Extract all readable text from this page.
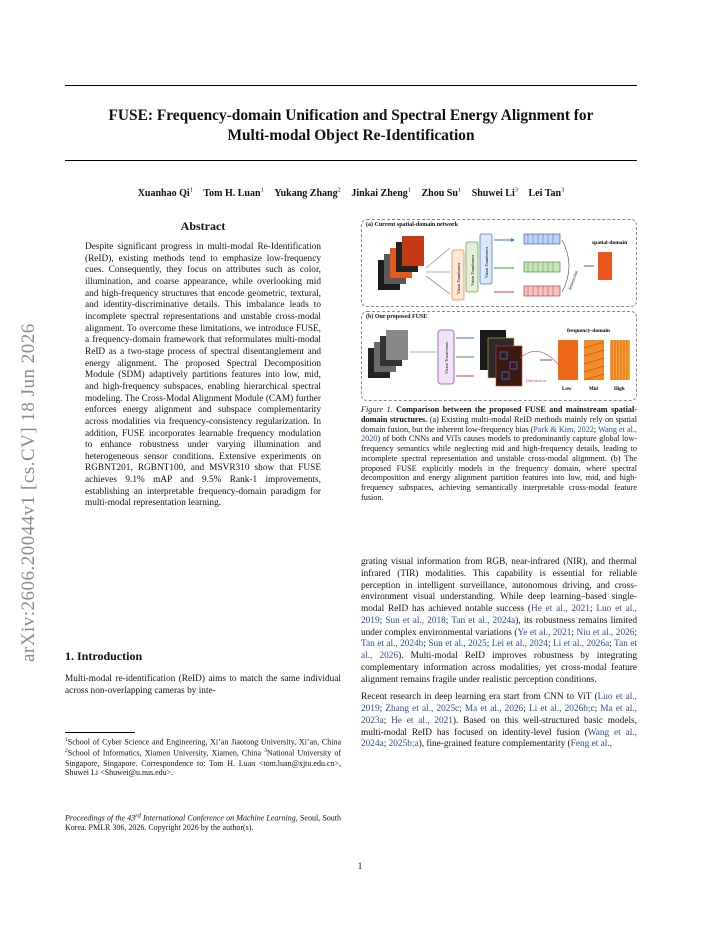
arXiv:2606.20044v1 [cs.CV] 18 Jun 2026
FUSE: Frequency-domain Unification and Spectral Energy Alignment for
Multi-modal Object Re-Identification
Xuanhao Qi$^1$ Tom H. Luan$^1$ Yukang Zhang$^2$ Jinkai Zheng$^1$ Zhou Su$^1$ Shuwei Li$^3$ Lei Tan$^3$
Abstract
Despite significant progress in multi-modal Re-Identification (ReID), existing methods tend to emphasize low-frequency cues. Consequently, they focus on attributes such as color, illumination, and coarse appearance, while overlooking mid and high-frequency structures that encode geometric, textural, and identity-discriminative details. This imbalance leads to incomplete spectral representations and unstable cross-modal alignment. To overcome these limitations, we introduce FUSE, a frequency-domain framework that reformulates multi-modal ReID as a two-stage process of spectral disentanglement and energy alignment. The proposed Spectral Decomposition Module (SDM) adaptively partitions features into low, mid, and high-frequency subspaces, enabling hierarchical spectral modeling. The Cross-Modal Alignment Module (CAM) further enforces energy alignment and subspace complementarity across modalities via frequency-consistency regularization. In addition, FUSE incorporates learnable frequency modulation to enhance robustness under varying illumination and heterogeneous sensor conditions. Extensive experiments on RGBNT201, RGBNT100, and MSVR310 show that FUSE achieves 9.1% mAP and 9.5% Rank-1 improvements, establishing an interpretable frequency-domain paradigm for multi-modal representation learning.
1. Introduction
Multi-modal re-identification (ReID) aims to match the same individual across non-overlapping cameras by inte-
$^1$School of Cyber Science and Engineering, Xi’an Jiaotong University, Xi’an, China $^2$School of Informatics, Xiamen University, Xiamen, China $^3$National University of Singapore, Singapore. Correspondence to: Tom H. Luan <tom.luan@xjtu.edu.cn>, Shuwei Li <Shuwei@u.nus.edu>.
Proceedings of the 43rd International Conference on Machine Learning, Seoul, South Korea. PMLR 306, 2026. Copyright 2026 by the author(s).
(a) Current spatial-domain network
Vision Transformer Vision Transformer Vision Transformer
Interaction
spatial-domain
(b) Our proposed FUSE
Vision Transformer
Interaction
frequency-domain
Low	Mid	High
Figure 1. Comparison between the proposed FUSE and mainstream spatial-domain structures. (a) Existing multi-modal ReID methods mainly rely on spatial domain fusion, but the inherent low-frequency bias (Park & Kim, 2022; Wang et al., 2020) of both CNNs and ViTs causes models to predominantly capture global low-frequency semantics while neglecting mid and high-frequency details, leading to incomplete spectral representation and unstable cross-modal alignment. (b) The proposed FUSE explicitly models in the frequency domain, where spectral decomposition and energy alignment partition features into low, mid, and high-frequency subspaces, achieving semantically interpretable cross-modal feature fusion.

grating visual information from RGB, near-infrared (NIR), and thermal infrared (TIR) modalities. This capability is essential for reliable perception in intelligent surveillance, autonomous driving, and cross-environment visual understanding. While deep learning–based single-modal ReID has achieved notable success (He et al., 2021; Luo et al., 2019; Sun et al., 2018; Tan et al., 2024a), its robustness remains limited under complex environmental variations (Ye et al., 2021; Niu et al., 2026; Tan et al., 2024b; Sun et al., 2025; Lei et al., 2024; Li et al., 2026a; Tan et al., 2026). Multi-modal ReID improves robustness by integrating complementary information across modalities, yet cross-modal feature alignment remains fragile under realistic perception conditions.

Recent research in deep learning era start from CNN to ViT (Luo et al., 2019; Zhang et al., 2025c; Ma et al., 2026; Li et al., 2026b;c; Ma et al., 2023a; He et al., 2021). Based on this well-structured basic models, multi-modal ReID has focused on identity-level fusion (Wang et al., 2024a; 2025b;a), fine-grained feature complementarity (Feng et al.,

1
